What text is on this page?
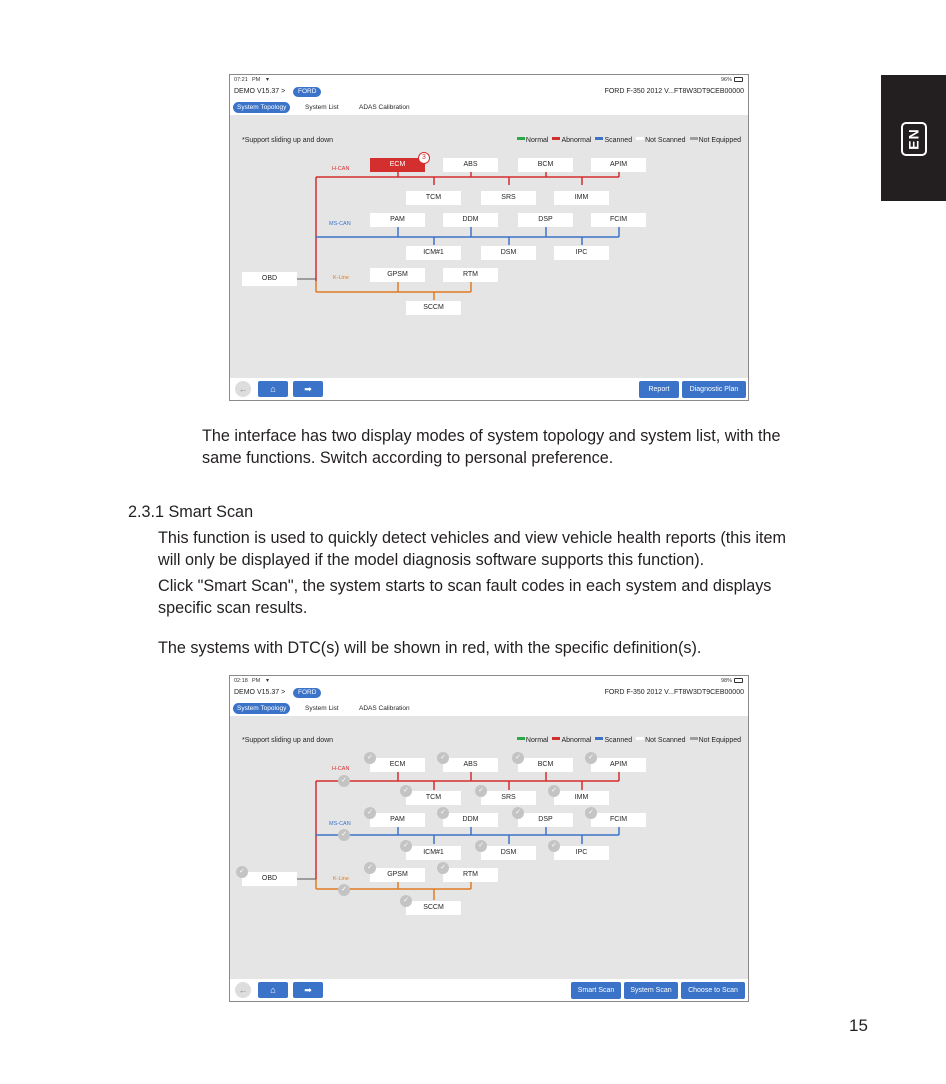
EN
07:21 PM ▾	96%
DEMO V15.37 >	FORD	FORD F-350 2012 V...FT8W3DT9CEB00000
System Topology	System List	ADAS Calibration
*Support sliding up and down	Normal	Abnormal	Scanned	Not Scanned	Not Equipped
H-CAN
MS-CAN
K-Line
ECM
3
ABS	BCM	APIM
TCM	SRS	IMM
PAM	DDM	DSP	FCIM
ICM#1	DSM	IPC
GPSM	RTM
SCCM
OBD
←	⌂	➡	Report	Diagnostic Plan
The interface has two display modes of system topology and system list, with the
same functions. Switch according to personal preference.
2.3.1 Smart Scan
This function is used to quickly detect vehicles and view vehicle health reports (this item
will only be displayed if the model diagnosis software supports this function).
Click "Smart Scan", the system starts to scan fault codes in each system and displays
specific scan results.
The systems with DTC(s) will be shown in red, with the specific definition(s).
02:18 PM ▾	98%
DEMO V15.37 >	FORD	FORD F-350 2012 V...FT8W3DT9CEB00000
System Topology	System List	ADAS Calibration
*Support sliding up and down	Normal	Abnormal	Scanned	Not Scanned	Not Equipped
H-CAN
MS-CAN
K-Line
✓
✓
✓
ECM	ABS	BCM	APIM
TCM	SRS	IMM
PAM	DDM	DSP	FCIM
ICM#1	DSM	IPC
GPSM	RTM
SCCM
OBD
✓	✓	✓	✓
✓	✓	✓
✓	✓	✓	✓
✓	✓	✓
✓	✓
✓
✓
←	⌂	➡	Smart Scan	System Scan	Choose to Scan
15
